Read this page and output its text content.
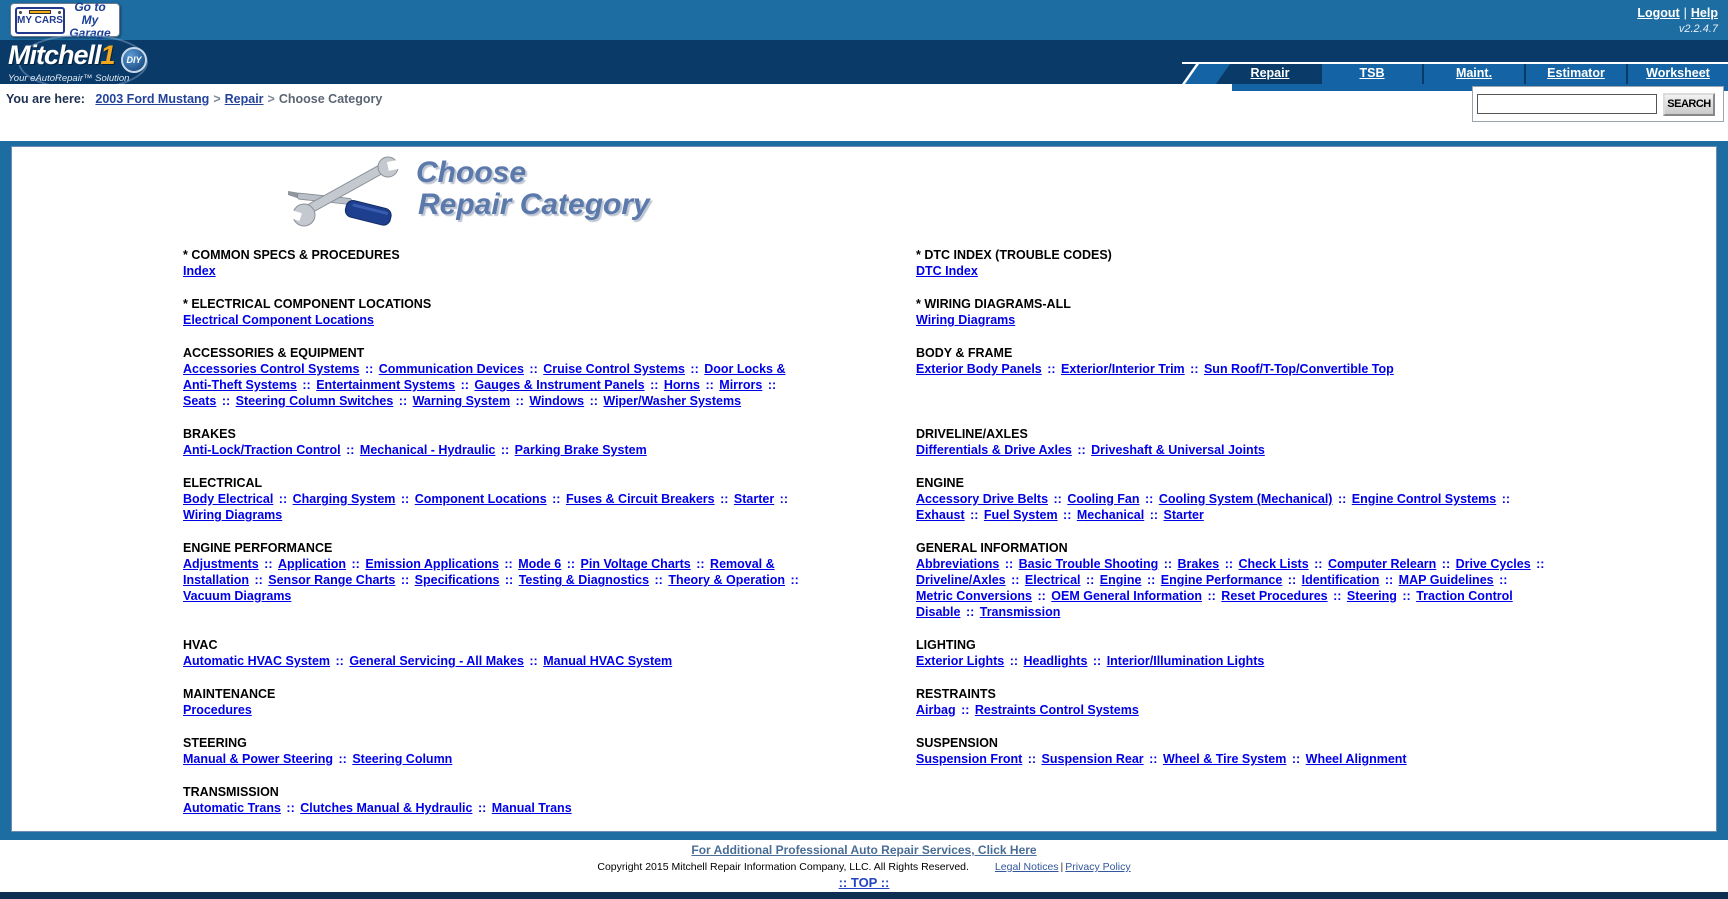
MY CARS
Go to My Garage
Logout | Help
v2.2.4.7
Mitchell1 DIY
Your eAutoRepair™ Solution	Repair	TSB	Maint.	Estimator	Worksheet
You are here: 2003 Ford Mustang > Repair > Choose Category	SEARCH
Choose
Repair Category
* COMMON SPECS & PROCEDURES
Index
* DTC INDEX (TROUBLE CODES)
DTC Index
* ELECTRICAL COMPONENT LOCATIONS
Electrical Component Locations
* WIRING DIAGRAMS-ALL
Wiring Diagrams
ACCESSORIES & EQUIPMENT
Accessories Control Systems :: Communication Devices :: Cruise Control Systems :: Door Locks & Anti-Theft Systems :: Entertainment Systems :: Gauges & Instrument Panels :: Horns :: Mirrors :: Seats :: Steering Column Switches :: Warning System :: Windows :: Wiper/Washer Systems
BODY & FRAME
Exterior Body Panels :: Exterior/Interior Trim :: Sun Roof/T-Top/Convertible Top
BRAKES
Anti-Lock/Traction Control :: Mechanical - Hydraulic :: Parking Brake System
DRIVELINE/AXLES
Differentials & Drive Axles :: Driveshaft & Universal Joints
ELECTRICAL
Body Electrical :: Charging System :: Component Locations :: Fuses & Circuit Breakers :: Starter :: Wiring Diagrams
ENGINE
Accessory Drive Belts :: Cooling Fan :: Cooling System (Mechanical) :: Engine Control Systems :: Exhaust :: Fuel System :: Mechanical :: Starter
ENGINE PERFORMANCE
Adjustments :: Application :: Emission Applications :: Mode 6 :: Pin Voltage Charts :: Removal & Installation :: Sensor Range Charts :: Specifications :: Testing & Diagnostics :: Theory & Operation :: Vacuum Diagrams
GENERAL INFORMATION
Abbreviations :: Basic Trouble Shooting :: Brakes :: Check Lists :: Computer Relearn :: Drive Cycles :: Driveline/Axles :: Electrical :: Engine :: Engine Performance :: Identification :: MAP Guidelines :: Metric Conversions :: OEM General Information :: Reset Procedures :: Steering :: Traction Control Disable :: Transmission
HVAC
Automatic HVAC System :: General Servicing - All Makes :: Manual HVAC System
LIGHTING
Exterior Lights :: Headlights :: Interior/Illumination Lights
MAINTENANCE
Procedures
RESTRAINTS
Airbag :: Restraints Control Systems
STEERING
Manual & Power Steering :: Steering Column
SUSPENSION
Suspension Front :: Suspension Rear :: Wheel & Tire System :: Wheel Alignment
TRANSMISSION
Automatic Trans :: Clutches Manual & Hydraulic :: Manual Trans
For Additional Professional Auto Repair Services, Click Here
Copyright 2015 Mitchell Repair Information Company, LLC. All Rights Reserved. Legal Notices | Privacy Policy
:: TOP ::
